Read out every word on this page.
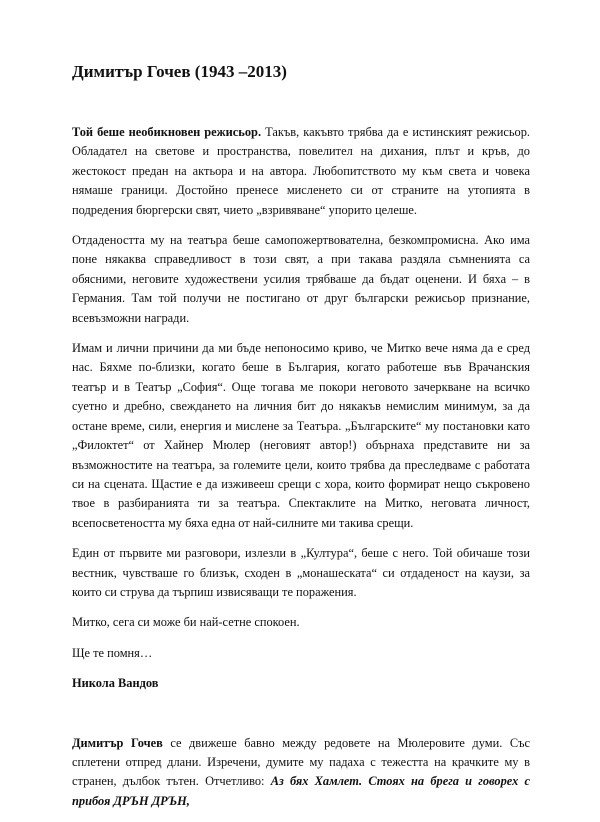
Димитър Гочев (1943 –2013)

Той беше необикновен режисьор. Такъв, какъвто трябва да е истинският режисьор. Обладател на светове и пространства, повелител на дихания, плът и кръв, до жестокост предан на актьора и на автора. Любопитството му към света и човека нямаше граници. Достойно пренесе мисленето си от страните на утопията в подредения бюргерски свят, чието „взривяване“ упорито целеше.

Отдадеността му на театъра беше самопожертвователна, безкомпромисна. Ако има поне някаква справедливост в този свят, а при такава раздяла съмненията са обясними, неговите художествени усилия трябваше да бъдат оценени. И бяха – в Германия. Там той получи не постигано от друг български режисьор признание, всевъзможни награди.

Имам и лични причини да ми бъде непоносимо криво, че Митко вече няма да е сред нас. Бяхме по-близки, когато беше в България, когато работеше във Врачанския театър и в Театър „София“. Още тогава ме покори неговото зачеркване на всичко суетно и дребно, свеждането на личния бит до някакъв немислим минимум, за да остане време, сили, енергия и мислене за Театъра. „Българските“ му постановки като „Филоктет“ от Хайнер Мюлер (неговият автор!) обърнаха представите ни за възможностите на театъра, за големите цели, които трябва да преследваме с работата си на сцената. Щастие е да изживееш срещи с хора, които формират нещо съкровено твое в разбиранията ти за театъра. Спектаклите на Митко, неговата личност, всепосветеността му бяха една от най-силните ми такива срещи.

Един от първите ми разговори, излезли в „Култура“, беше с него. Той обичаше този вестник, чувстваше го близък, сходен в „монашеската“ си отдаденост на каузи, за които си струва да търпиш извисяващи те поражения.

Митко, сега си може би най-сетне спокоен.

Ще те помня…

Никола Вандов

Димитър Гочев се движеше бавно между редовете на Мюлеровите думи. Със сплетени отпред длани. Изречени, думите му падаха с тежестта на крачките му в странен, дълбок тътен. Отчетливо: Аз бях Хамлет. Стоях на брега и говорех с прибоя ДРЪН ДРЪН,
